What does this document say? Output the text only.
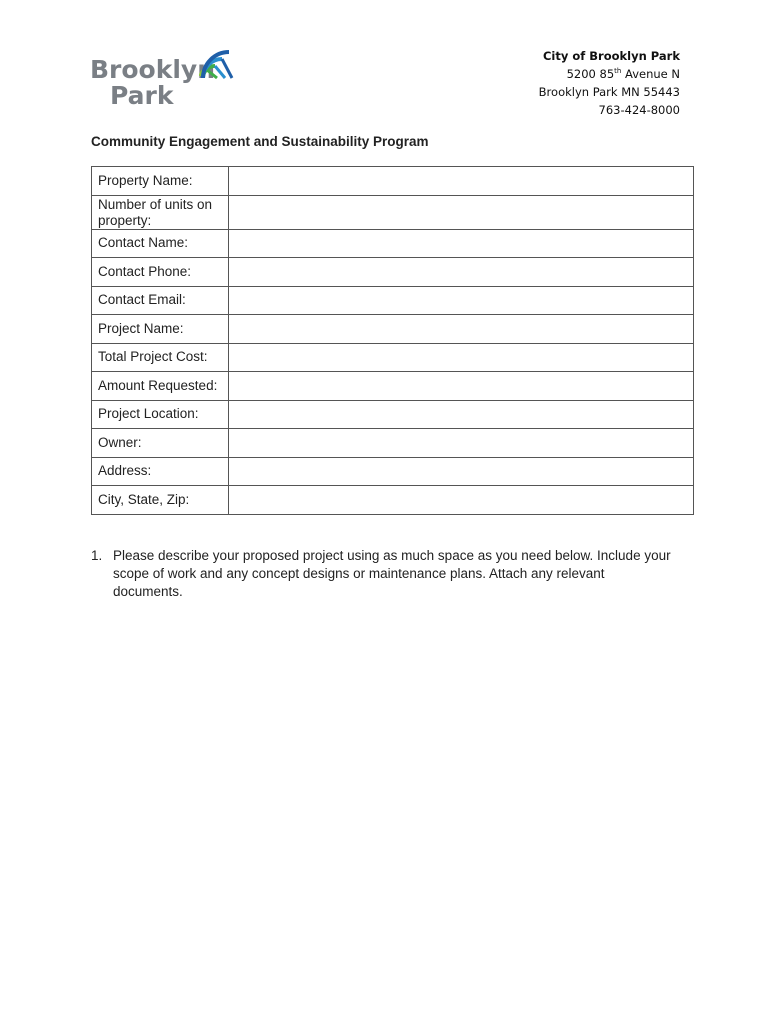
Brooklyn
Park
City of Brooklyn Park
5200 85th Avenue N
Brooklyn Park MN 55443
763-424-8000
Community Engagement and Sustainability Program
Property Name:	
Number of units on property:	
Contact Name:	
Contact Phone:	
Contact Email:	
Project Name:	
Total Project Cost:	
Amount Requested:	
Project Location:	
Owner:	
Address:	
City, State, Zip:	
1. Please describe your proposed project using as much space as you need below. Include your scope of work and any concept designs or maintenance plans. Attach any relevant documents.
